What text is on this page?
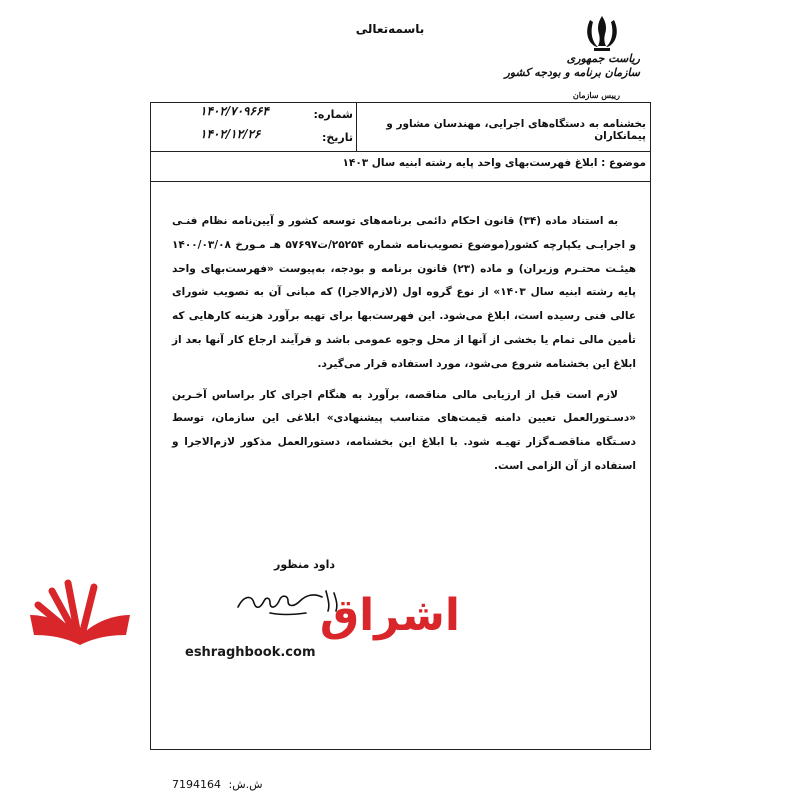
باسمه‌تعالی
ریاست جمهوری
سازمان برنامه و بودجه کشور
رییس سازمان
شماره:
۱۴۰۲/۷۰۹۶۶۴
تاریخ:
۱۴۰۲/۱۲/۲۶
بخشنامه به دستگاه‌های اجرایی، مهندسان مشاور و پیمانکاران
موضوع : ابلاغ فهرست‌بهای واحد پایه رشته ابنیه سال ۱۴۰۳

به استناد ماده (۳۴) قانون احکام دائمی برنامه‌های توسعه کشور و آیین‌نامه نظام فنـی و اجرایـی یکپارچه کشور(موضوع تصویب‌نامه شماره ۲۵۲۵۴/ت۵۷۶۹۷ هـ مـورخ ۱۴۰۰/۰۳/۰۸ هیئـت محتـرم وزیران) و ماده (۲۳) قانون برنامه و بودجه، به‌پیوست «فهرست‌بهای واحد پایه رشته ابنیه سال ۱۴۰۳» از نوع گروه اول (لازم‌الاجرا) که مبانی آن به تصویب شورای عالی فنی رسیده است، ابلاغ می‌شود. این فهرست‌بها برای تهیه برآورد هزینه کارهایی که تأمین مالی تمام یا بخشی از آنها از محل وجوه عمومی باشد و فرآیند ارجاع کار آنها بعد از ابلاغ این بخشنامه شروع می‌شود، مورد استفاده قرار می‌گیرد.

لازم است قبل از ارزیابی مالی مناقصه، برآورد به هنگام اجرای کار براساس آخـرین «دسـتورالعمل تعیین دامنه قیمت‌های متناسب پیشنهادی» ابلاغی این سازمان، توسط دسـتگاه مناقصـه‌گزار تهیـه شود. با ابلاغ این بخشنامه، دستورالعمل مذکور لازم‌الاجرا و استفاده از آن الزامی است.

داود منظور
اشراق
eshraghbook.com
7194164 ش.ش:
